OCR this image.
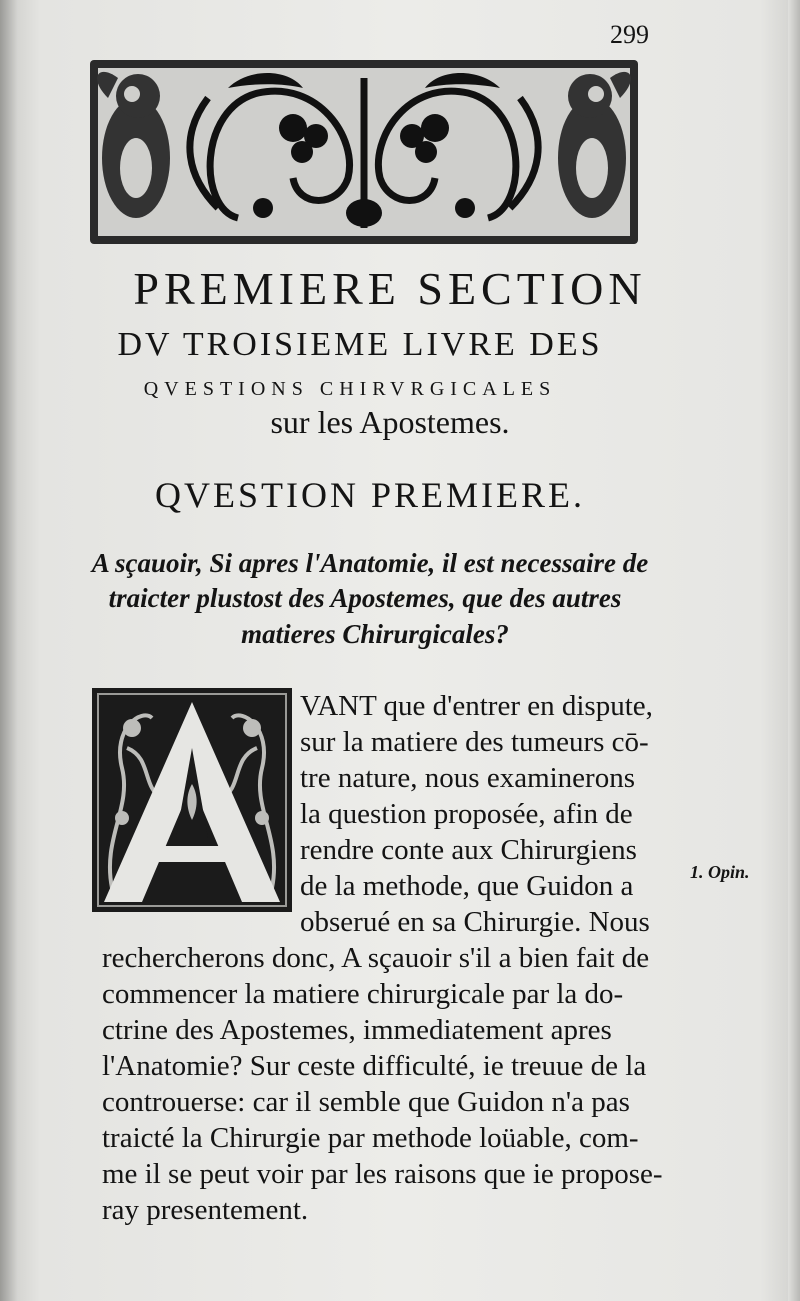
299
PREMIERE SECTION
DV TROISIEME LIVRE DES
QVESTIONS CHIRVRGICALES
sur les Apostemes.
QVESTION PREMIERE.
A sçauoir, Si apres l'Anatomie, il est necessaire de
traicter plustost des Apostemes, que des autres
matieres Chirurgicales?
VANT que d'entrer en dispute,
sur la matiere des tumeurs cō-
tre nature, nous examinerons
la question proposée, afin de
rendre conte aux Chirurgiens
de la methode, que Guidon a
obserué en sa Chirurgie. Nous
rechercherons donc, A sçauoir s'il a bien fait de
commencer la matiere chirurgicale par la do-
ctrine des Apostemes, immediatement apres
l'Anatomie? Sur ceste difficulté, ie treuue de la
controuerse: car il semble que Guidon n'a pas
traicté la Chirurgie par methode loüable, com-
me il se peut voir par les raisons que ie propose-
ray presentement.
1. Opin.
